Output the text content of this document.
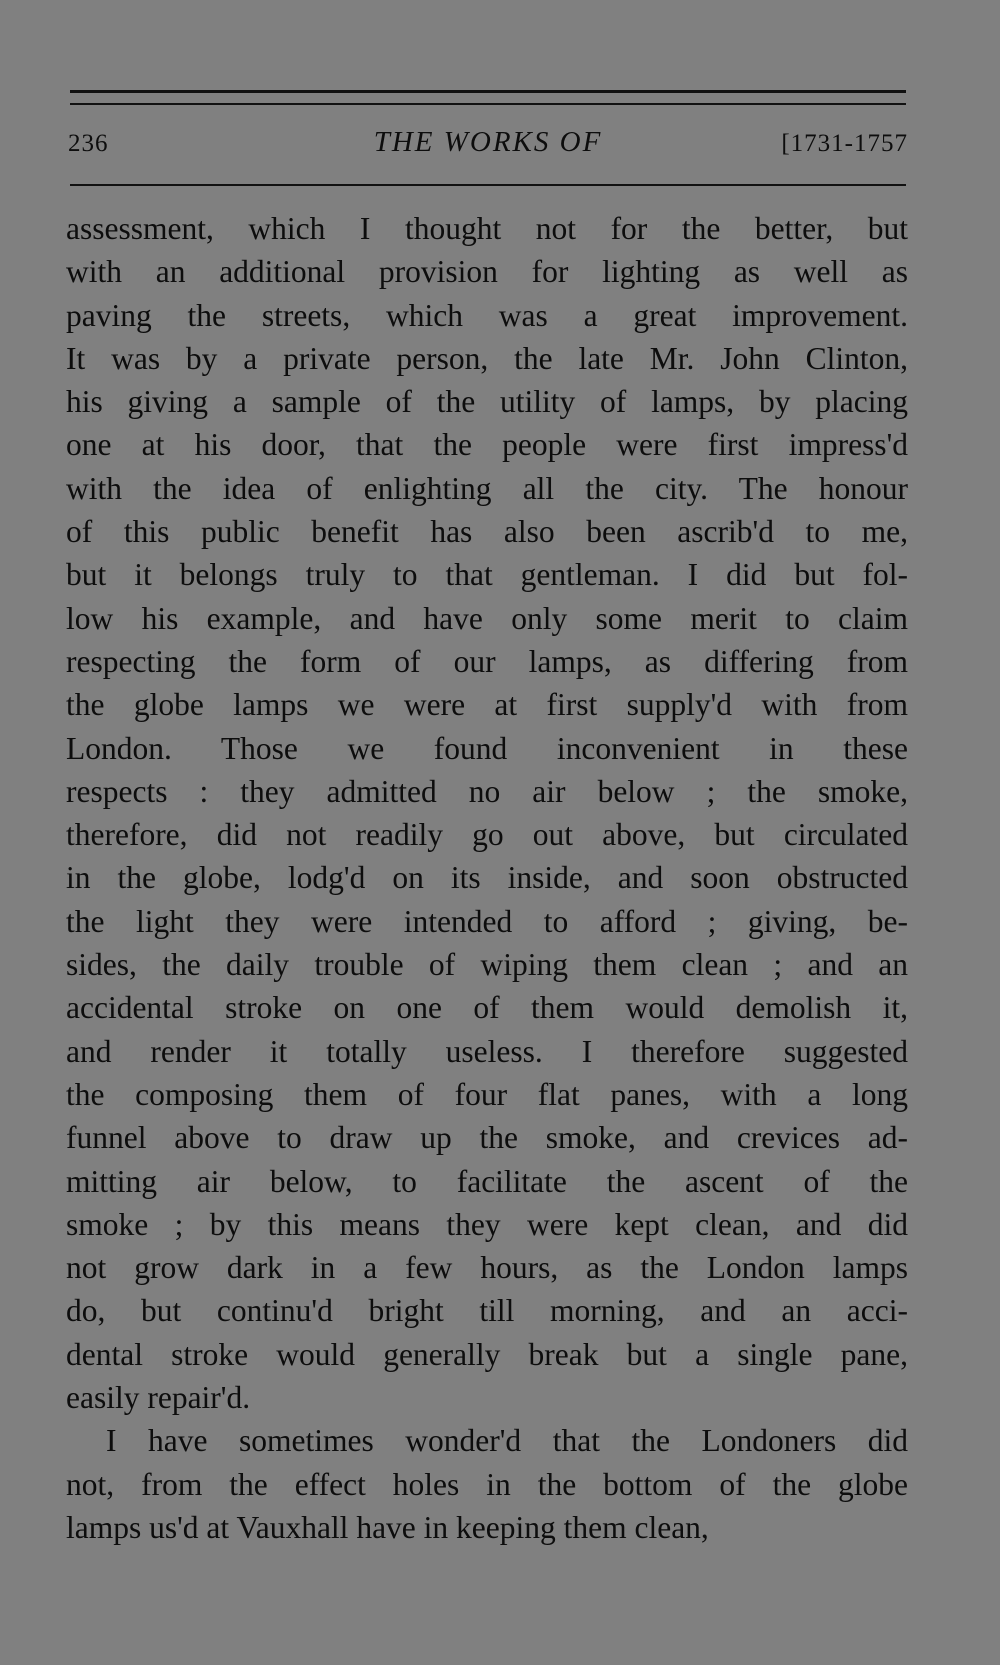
236	THE WORKS OF	[1731-1757
assessment, which I thought not for the better, but
with an additional provision for lighting as well as
paving the streets, which was a great improvement.
It was by a private person, the late Mr. John Clinton,
his giving a sample of the utility of lamps, by placing
one at his door, that the people were first impress'd
with the idea of enlighting all the city. The honour
of this public benefit has also been ascrib'd to me,
but it belongs truly to that gentleman. I did but fol-
low his example, and have only some merit to claim
respecting the form of our lamps, as differing from
the globe lamps we were at first supply'd with from
London. Those we found inconvenient in these
respects : they admitted no air below ; the smoke,
therefore, did not readily go out above, but circulated
in the globe, lodg'd on its inside, and soon obstructed
the light they were intended to afford ; giving, be-
sides, the daily trouble of wiping them clean ; and an
accidental stroke on one of them would demolish it,
and render it totally useless. I therefore suggested
the composing them of four flat panes, with a long
funnel above to draw up the smoke, and crevices ad-
mitting air below, to facilitate the ascent of the
smoke ; by this means they were kept clean, and did
not grow dark in a few hours, as the London lamps
do, but continu'd bright till morning, and an acci-
dental stroke would generally break but a single pane,
easily repair'd.
I have sometimes wonder'd that the Londoners did
not, from the effect holes in the bottom of the globe
lamps us'd at Vauxhall have in keeping them clean,
